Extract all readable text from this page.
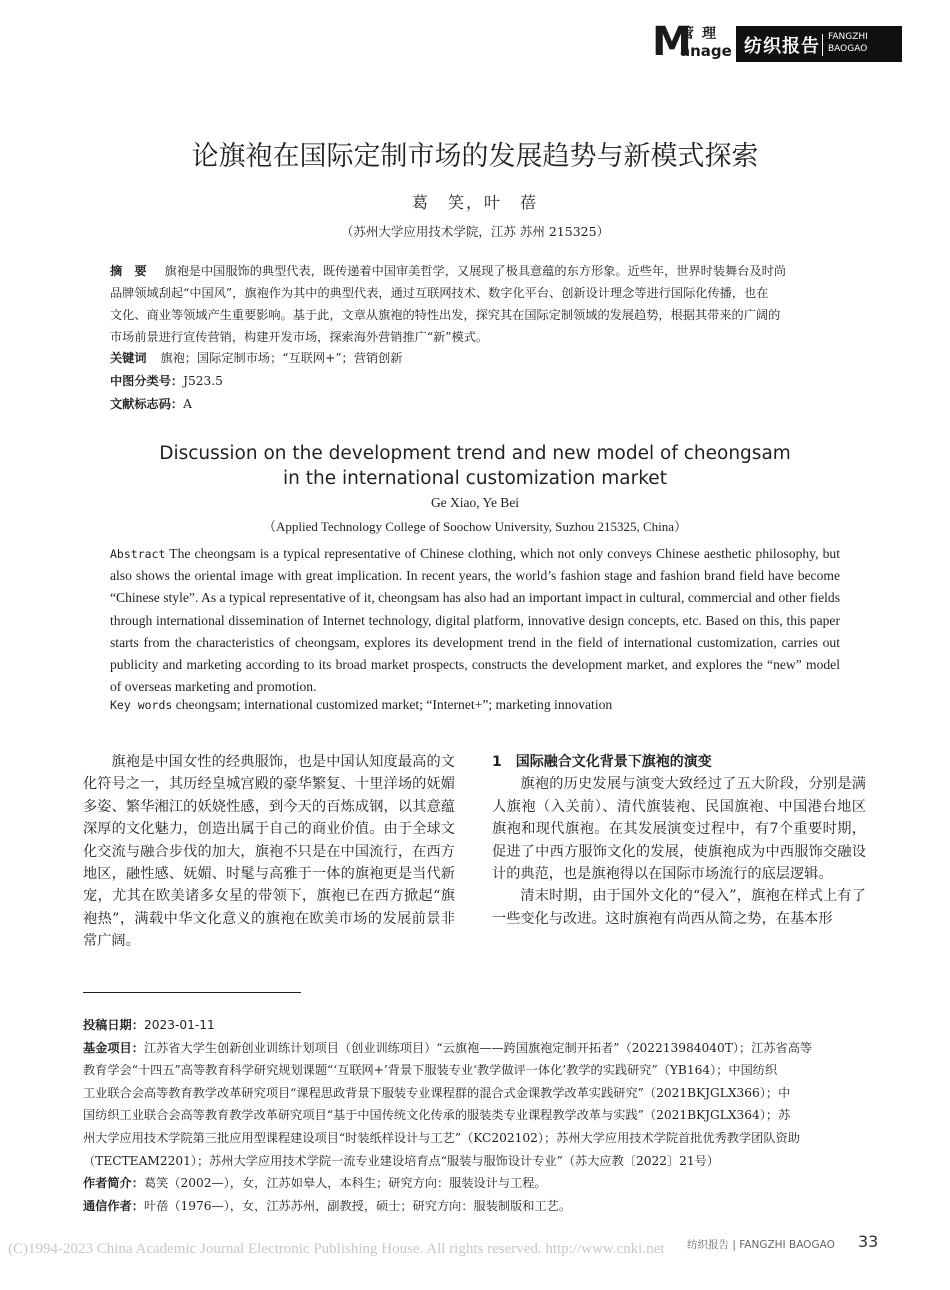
M
管理
anage 纺织报告 FANGZHI
BAOGAO
论旗袍在国际定制市场的发展趋势与新模式探索
葛　笑，叶　蓓
（苏州大学应用技术学院，江苏 苏州 215325）
摘　要 旗袍是中国服饰的典型代表，既传递着中国审美哲学，又展现了极具意蕴的东方形象。近些年，世界时装舞台及时尚
品牌领域刮起“中国风”，旗袍作为其中的典型代表，通过互联网技术、数字化平台、创新设计理念等进行国际化传播，也在
文化、商业等领域产生重要影响。基于此，文章从旗袍的特性出发，探究其在国际定制领域的发展趋势，根据其带来的广阔的
市场前景进行宣传营销，构建开发市场，探索海外营销推广“新”模式。
关键词 旗袍；国际定制市场；“互联网+”；营销创新
中图分类号：J523.5
文献标志码：A
Discussion on the development trend and new model of cheongsam
in the international customization market
Ge Xiao, Ye Bei
（Applied Technology College of Soochow University, Suzhou 215325, China）
Abstract The cheongsam is a typical representative of Chinese clothing, which not only conveys Chinese aesthetic philosophy, but also shows the oriental image with great implication. In recent years, the world’s fashion stage and fashion brand field have become “Chinese style”. As a typical representative of it, cheongsam has also had an important impact in cultural, commercial and other fields through international dissemination of Internet technology, digital platform, innovative design concepts, etc. Based on this, this paper starts from the characteristics of cheongsam, explores its development trend in the field of international customization, carries out publicity and marketing according to its broad market prospects, constructs the development market, and explores the “new” model of overseas marketing and promotion.
Key words cheongsam; international customized market; “Internet+”; marketing innovation

旗袍是中国女性的经典服饰，也是中国认知度最高的文化符号之一，其历经皇城宫殿的豪华繁复、十里洋场的妩媚多姿、繁华湘江的妖娆性感，到今天的百炼成钢，以其意蕴深厚的文化魅力，创造出属于自己的商业价值。由于全球文化交流与融合步伐的加大，旗袍不只是在中国流行，在西方地区，融性感、妩媚、时髦与高雅于一体的旗袍更是当代新宠，尤其在欧美诸多女星的带领下，旗袍已在西方掀起“旗袍热”，满载中华文化意义的旗袍在欧美市场的发展前景非常广阔。

1　国际融合文化背景下旗袍的演变

旗袍的历史发展与演变大致经过了五大阶段，分别是满人旗袍（入关前）、清代旗装袍、民国旗袍、中国港台地区旗袍和现代旗袍。在其发展演变过程中，有7个重要时期，促进了中西方服饰文化的发展，使旗袍成为中西服饰交融设计的典范，也是旗袍得以在国际市场流行的底层逻辑。

清末时期，由于国外文化的“侵入”，旗袍在样式上有了一些变化与改进。这时旗袍有尚西从简之势，在基本形

投稿日期：2023-01-11
基金项目：江苏省大学生创新创业训练计划项目（创业训练项目）“云旗袍——跨国旗袍定制开拓者”（202213984040T）；江苏省高等
教育学会“十四五”高等教育科学研究规划课题“‘互联网+’背景下服装专业‘教学做评一体化’教学的实践研究”（YB164）；中国纺织
工业联合会高等教育教学改革研究项目“课程思政背景下服装专业课程群的混合式金课教学改革实践研究”（2021BKJGLX366）；中
国纺织工业联合会高等教育教学改革研究项目“基于中国传统文化传承的服装类专业课程教学改革与实践”（2021BKJGLX364）；苏
州大学应用技术学院第三批应用型课程建设项目“时装纸样设计与工艺”（KC202102）；苏州大学应用技术学院首批优秀教学团队资助
（TECTEAM2201）；苏州大学应用技术学院一流专业建设培育点“服装与服饰设计专业”（苏大应教〔2022〕21号）
作者简介：葛笑（2002—），女，江苏如皋人，本科生；研究方向：服装设计与工程。
通信作者：叶蓓（1976—），女，江苏苏州，副教授，硕士；研究方向：服装制版和工艺。
(C)1994-2023 China Academic Journal Electronic Publishing House. All rights reserved. http://www.cnki.net 纺织报告 | FANGZHI BAOGAO 33
